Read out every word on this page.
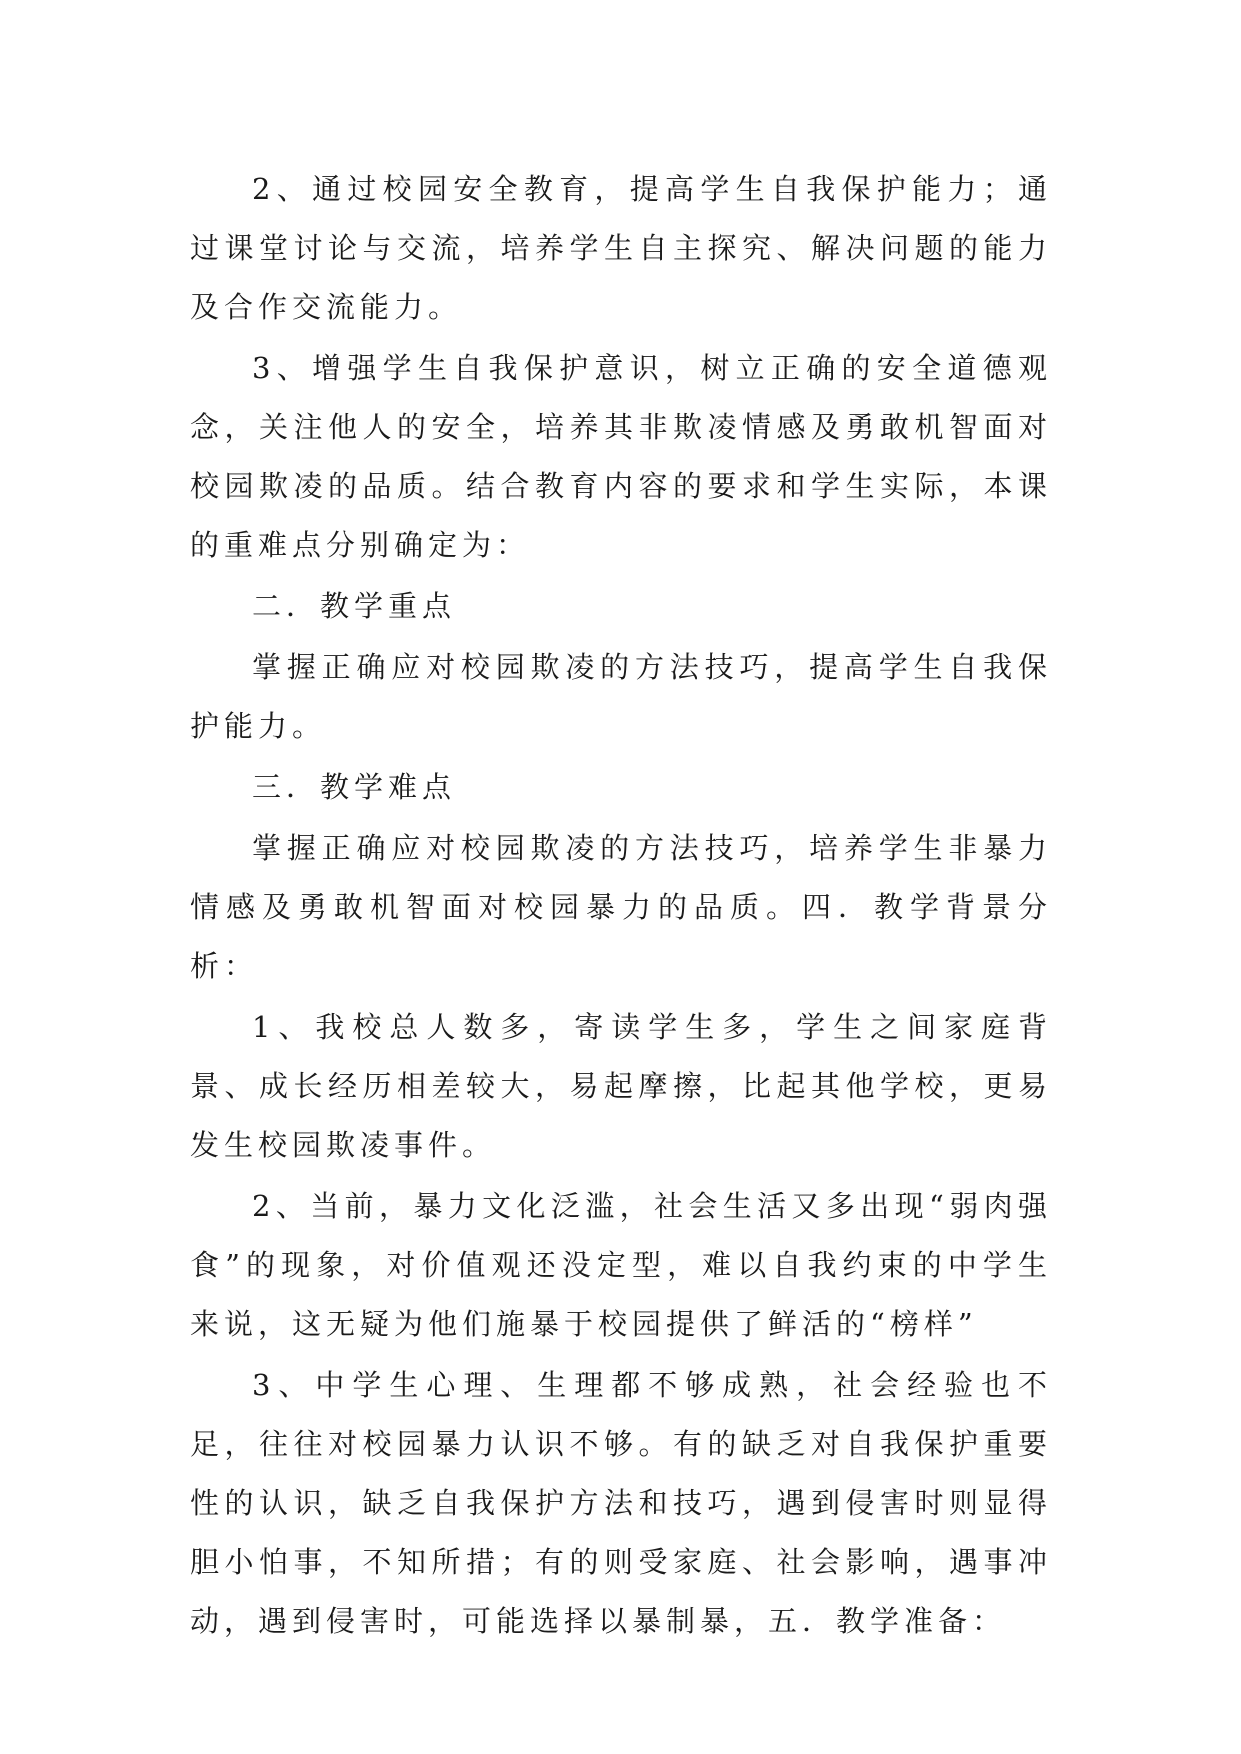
2、通过校园安全教育，提高学生自我保护能力；通过课堂讨论与交流，培养学生自主探究、解决问题的能力及合作交流能力。

3、增强学生自我保护意识，树立正确的安全道德观念，关注他人的安全，培养其非欺凌情感及勇敢机智面对校园欺凌的品质。结合教育内容的要求和学生实际，本课的重难点分别确定为：

二．教学重点

掌握正确应对校园欺凌的方法技巧，提高学生自我保护能力。

三．教学难点

掌握正确应对校园欺凌的方法技巧，培养学生非暴力情感及勇敢机智面对校园暴力的品质。四．教学背景分析：

1、我校总人数多，寄读学生多，学生之间家庭背景、成长经历相差较大，易起摩擦，比起其他学校，更易发生校园欺凌事件。

2、当前，暴力文化泛滥，社会生活又多出现“弱肉强食”的现象，对价值观还没定型，难以自我约束的中学生来说，这无疑为他们施暴于校园提供了鲜活的“榜样”

3、中学生心理、生理都不够成熟，社会经验也不足，往往对校园暴力认识不够。有的缺乏对自我保护重要性的认识，缺乏自我保护方法和技巧，遇到侵害时则显得胆小怕事，不知所措；有的则受家庭、社会影响，遇事冲动，遇到侵害时，可能选择以暴制暴，五．教学准备：
